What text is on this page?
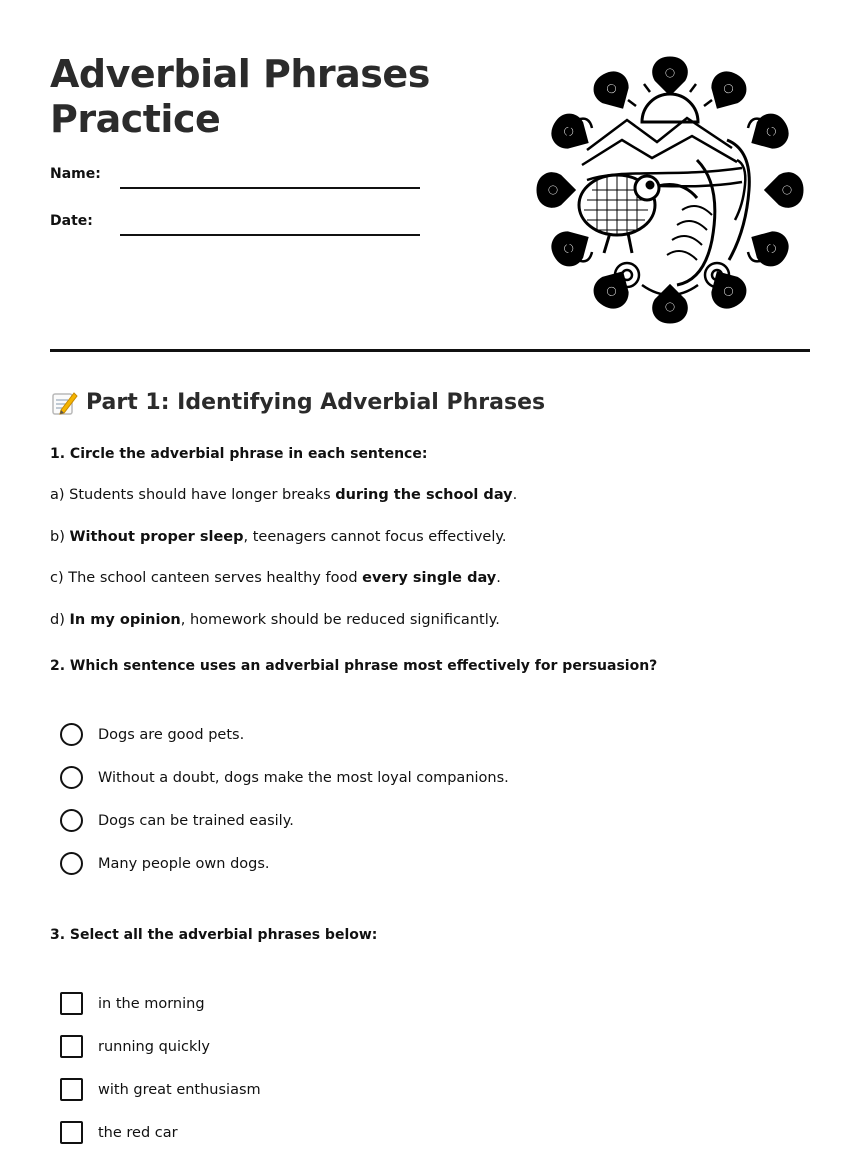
Adverbial Phrases
Practice
Name:
Date:
Part 1: Identifying Adverbial Phrases
1. Circle the adverbial phrase in each sentence:
a) Students should have longer breaks during the school day.
b) Without proper sleep, teenagers cannot focus effectively.
c) The school canteen serves healthy food every single day.
d) In my opinion, homework should be reduced significantly.
2. Which sentence uses an adverbial phrase most effectively for persuasion?
Dogs are good pets.
Without a doubt, dogs make the most loyal companions.
Dogs can be trained easily.
Many people own dogs.
3. Select all the adverbial phrases below:
in the morning
running quickly
with great enthusiasm
the red car
